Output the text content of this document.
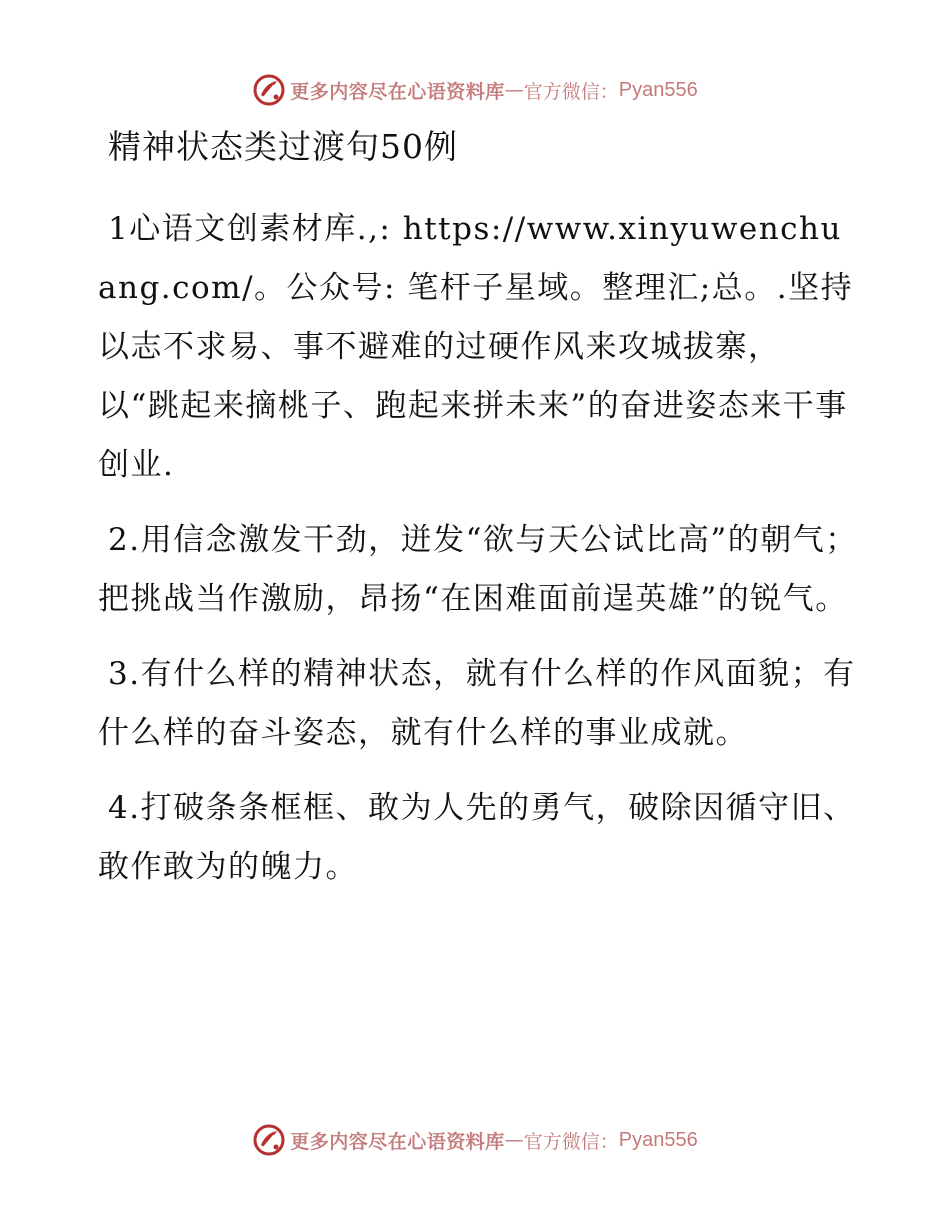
更多内容尽在心语资料库 — 官方微信： Pyan556
精神状态类过渡句50例

1心语文创素材库.,: https://www.xinyuwenchuang.com/。公众号: 笔杆子星域。整理汇;总。.坚持以志不求易、事不避难的过硬作风来攻城拔寨，以“跳起来摘桃子、跑起来拼未来”的奋进姿态来干事创业.

2.用信念激发干劲，迸发“欲与天公试比高”的朝气；把挑战当作激励，昂扬“在困难面前逞英雄”的锐气。

3.有什么样的精神状态，就有什么样的作风面貌；有什么样的奋斗姿态，就有什么样的事业成就。

4.打破条条框框、敢为人先的勇气，破除因循守旧、敢作敢为的魄力。

更多内容尽在心语资料库 — 官方微信： Pyan556
